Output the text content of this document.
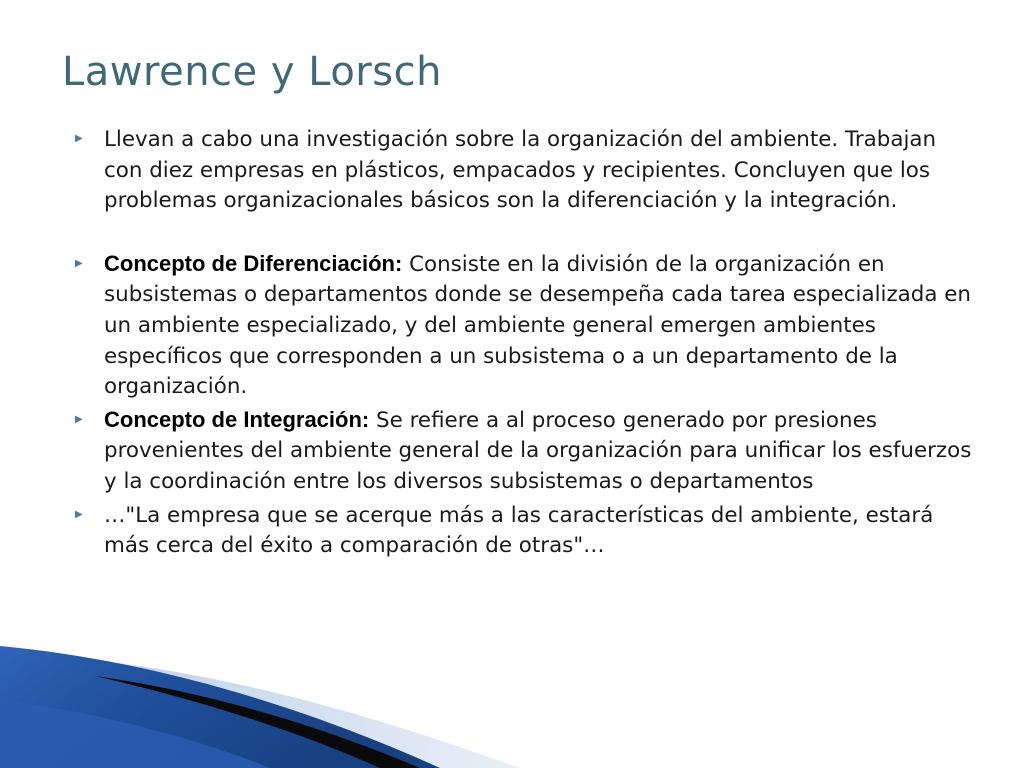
Lawrence y Lorsch
▶ Llevan a cabo una investigación sobre la organización del ambiente. Trabajan con diez empresas en plásticos, empacados y recipientes. Concluyen que los problemas organizacionales básicos son la diferenciación y la integración.
▶ Concepto de Diferenciación: Consiste en la división de la organización en subsistemas o departamentos donde se desempeña cada tarea especializada en un ambiente especializado, y del ambiente general emergen ambientes específicos que corresponden a un subsistema o a un departamento de la organización.
▶ Concepto de Integración: Se refiere a al proceso generado por presiones provenientes del ambiente general de la organización para unificar los esfuerzos y la coordinación entre los diversos subsistemas o departamentos
▶ …"La empresa que se acerque más a las características del ambiente, estará más cerca del éxito a comparación de otras"…
